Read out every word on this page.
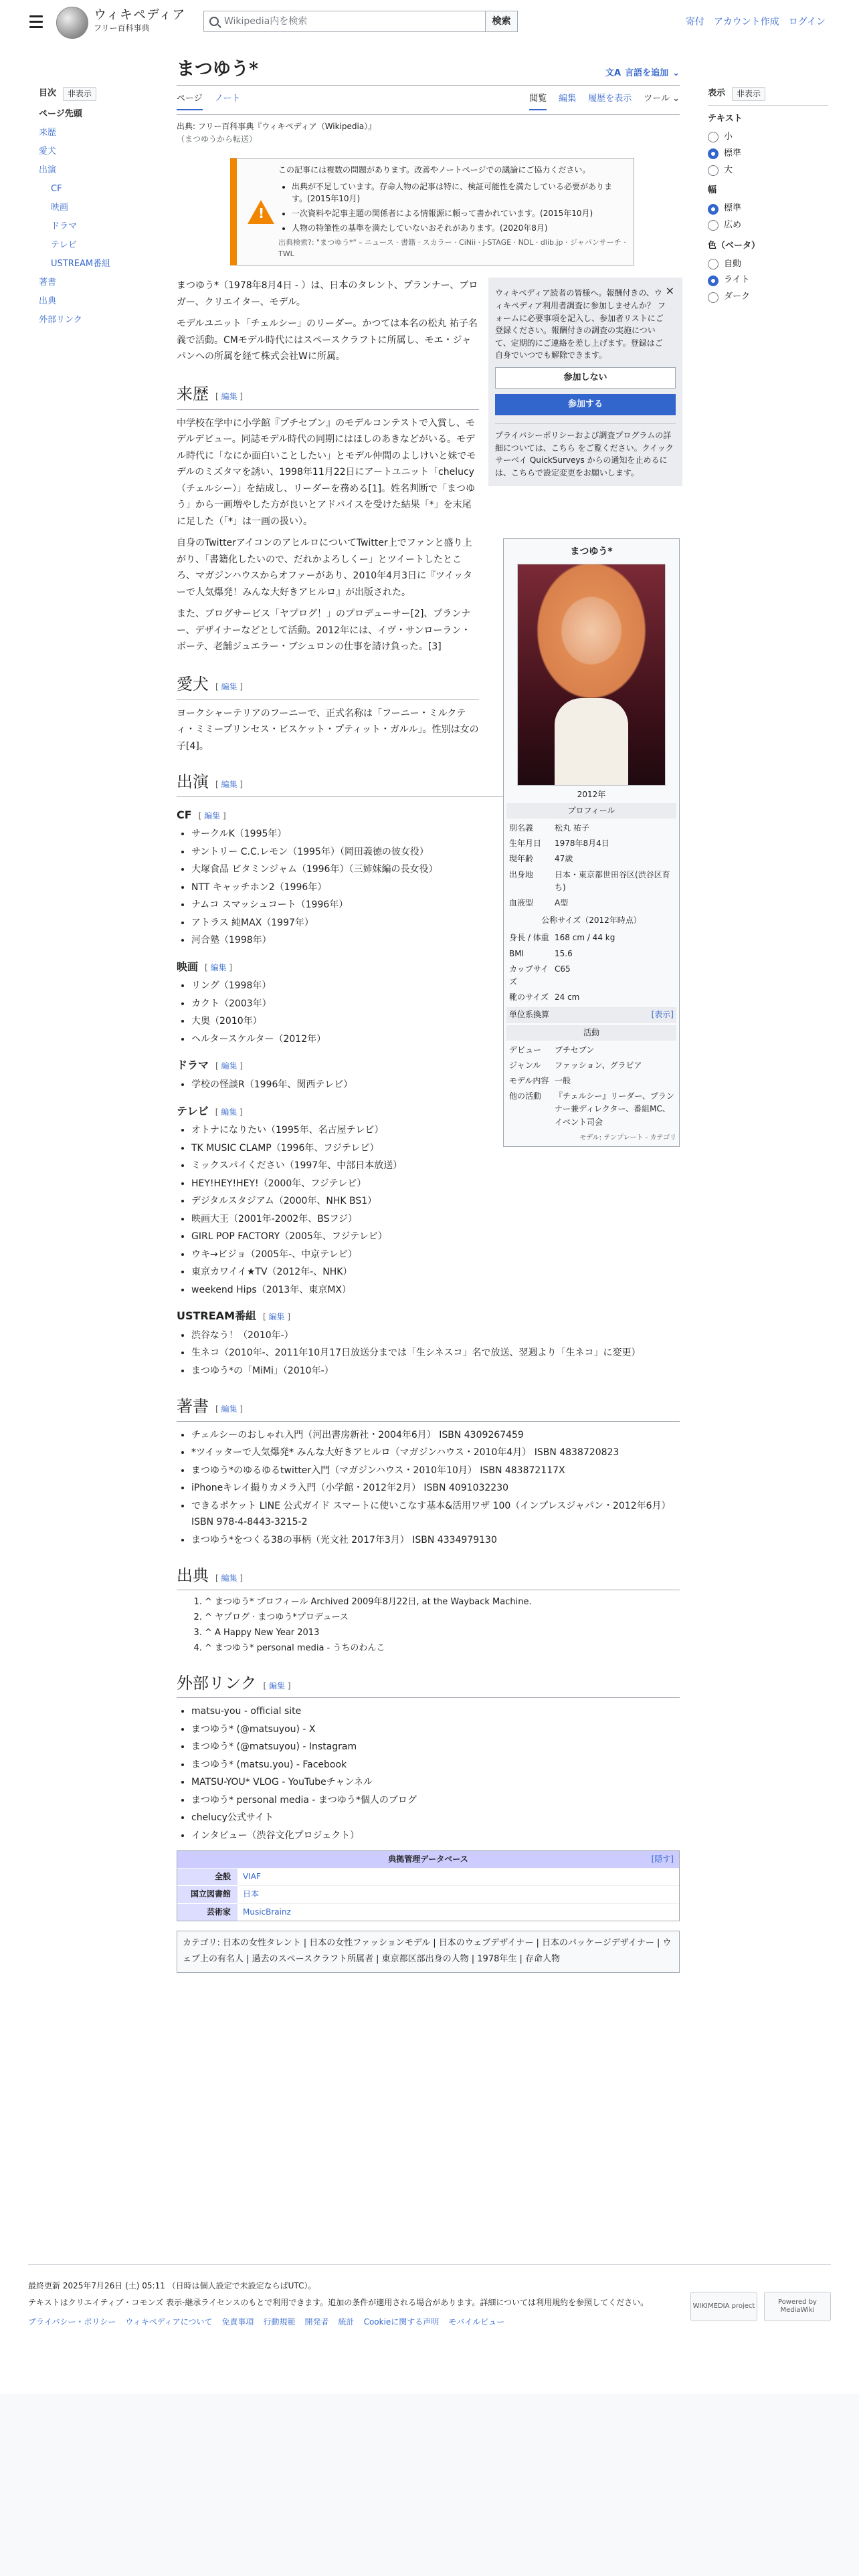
ウィキペディア
フリー百科事典
Wikipedia内を検索	検索	寄付 アカウント作成 ログイン
目次	非表示
ページ先頭
来歴
愛犬
出演
CF
映画
ドラマ
テレビ
USTREAM番組
著書
出典
外部リンク
まつゆう*	文A 言語を追加 ⌄
ページ ノート	閲覧 編集 履歴を表示 ツール ⌄
出典: フリー百科事典『ウィキペディア（Wikipedia）』
（まつゆうから転送）
!
この記事には複数の問題があります。改善やノートページでの議論にご協力ください。
• 出典が不足しています。存命人物の記事は特に、検証可能性を満たしている必要があります。(2015年10月)
• 一次資料や記事主題の関係者による情報源に頼って書かれています。(2015年10月)
• 人物の特筆性の基準を満たしていないおそれがあります。(2020年8月)
出典検索?: "まつゆう*" – ニュース · 書籍 · スカラー · CiNii · J-STAGE · NDL · dlib.jp · ジャパンサーチ · TWL
×
ウィキペディア読者の皆様へ。報酬付きの、ウィキペディア利用者調査に参加しませんか？ フォームに必要事項を記入し、参加者リストにご登録ください。報酬付きの調査の実施について、定期的にご連絡を差し上げます。登録はご自身でいつでも解除できます。
参加しない
参加する
プライバシーポリシーおよび調査プログラムの詳細については、こちら をご覧ください。クイックサーベイ QuickSurveys からの通知を止めるには、こちらで設定変更をお願いします。
まつゆう*
2012年
プロフィール
別名義	松丸 祐子
生年月日	1978年8月4日
現年齢	47歳
出身地	日本・東京都世田谷区(渋谷区育ち)
血液型	A型
公称サイズ（2012年時点）
身長 / 体重	168 cm / 44 kg
BMI	15.6
カップサイズ	C65
靴のサイズ	24 cm
単位系換算	[表示]
活動
デビュー	プチセブン
ジャンル	ファッション、グラビア
モデル内容	一般
他の活動	『チェルシー』リーダー、プランナー兼ディレクター、番組MC、イベント司会
モデル: テンプレート - カテゴリ

まつゆう*（1978年8月4日 - ）は、日本のタレント、プランナー、ブロガー、クリエイター、モデル。

モデルユニット「チェルシー」のリーダー。かつては本名の松丸 祐子名義で活動。CMモデル時代にはスペースクラフトに所属し、モエ・ジャパンへの所属を経て株式会社Wに所属。

来歴 [ 編集 ]

中学校在学中に小学館『プチセブン』のモデルコンテストで入賞し、モデルデビュー。同誌モデル時代の同期にはほしのあきなどがいる。モデル時代に「なにか面白いことしたい」とモデル仲間のよしけいと妹でモデルのミズタマを誘い、1998年11月22日にアートユニット「chelucy（チェルシー）」を結成し、リーダーを務める[1]。姓名判断で「まつゆう」から一画増やした方が良いとアドバイスを受けた結果「*」を末尾に足した（「*」は一画の扱い）。

自身のTwitterアイコンのアヒルロについてTwitter上でファンと盛り上がり、「書籍化したいので、だれかよろしくー」とツイートしたところ、マガジンハウスからオファーがあり、2010年4月3日に『ツイッターで人気爆発！みんな大好きアヒルロ』が出版された。

また、ブログサービス「ヤプログ！」のプロデューサー[2]、プランナー、デザイナーなどとして活動。2012年には、イヴ・サンローラン・ボーテ、老舗ジュエラー・ブシュロンの仕事を請け負った。[3]

愛犬 [ 編集 ]

ヨークシャーテリアのフーニーで、正式名称は「フーニー・ミルクティ・ミミープリンセス・ビスケット・プティット・ガルル」。性別は女の子[4]。

出演 [ 編集 ]
CF [ 編集 ]
• サークルK（1995年）
• サントリー C.C.レモン（1995年）（岡田義徳の彼女役）
• 大塚食品 ビタミンジャム（1996年）（三姉妹編の長女役）
• NTT キャッチホン2（1996年）
• ナムコ スマッシュコート（1996年）
• アトラス 純MAX（1997年）
• 河合塾（1998年）
映画 [ 編集 ]
• リング（1998年）
• カクト（2003年）
• 大奥（2010年）
• ヘルタースケルター（2012年）
ドラマ [ 編集 ]
• 学校の怪談R（1996年、関西テレビ）
テレビ [ 編集 ]
• オトナになりたい（1995年、名古屋テレビ）
• TK MUSIC CLAMP（1996年、フジテレビ）
• ミックスパイください（1997年、中部日本放送）
• HEY!HEY!HEY!（2000年、フジテレビ）
• デジタルスタジアム（2000年、NHK BS1）
• 映画大王（2001年-2002年、BSフジ）
• GIRL POP FACTORY（2005年、フジテレビ）
• ウキ→ビジョ（2005年-、中京テレビ）
• 東京カワイイ★TV（2012年-、NHK）
• weekend Hips（2013年、東京MX）
USTREAM番組 [ 編集 ]
• 渋谷なう！（2010年-）
• 生ネコ（2010年-、2011年10月17日放送分までは「生シネスコ」名で放送、翌週より「生ネコ」に変更）
• まつゆう*の「MiMi」（2010年-）
著書 [ 編集 ]
• チェルシーのおしゃれ入門（河出書房新社・2004年6月） ISBN 4309267459
• *ツイッターで人気爆発* みんな大好きアヒルロ（マガジンハウス・2010年4月） ISBN 4838720823
• まつゆう*のゆるゆるtwitter入門（マガジンハウス・2010年10月） ISBN 483872117X
• iPhoneキレイ撮りカメラ入門（小学館・2012年2月） ISBN 4091032230
• できるポケット LINE 公式ガイド スマートに使いこなす基本&活用ワザ 100（インプレスジャパン・2012年6月） ISBN 978-4-8443-3215-2
• まつゆう*をつくる38の事柄（光文社 2017年3月） ISBN 4334979130
出典 [ 編集 ]
1. ^ まつゆう* プロフィール Archived 2009年8月22日, at the Wayback Machine.
2. ^ ヤプログ · まつゆう*プロデュース
3. ^ A Happy New Year 2013
4. ^ まつゆう* personal media - うちのわんこ
外部リンク [ 編集 ]
• matsu-you - official site
• まつゆう* (@matsuyou) - X
• まつゆう* (@matsuyou) - Instagram
• まつゆう* (matsu.you) - Facebook
• MATSU-YOU* VLOG - YouTubeチャンネル
• まつゆう* personal media - まつゆう*個人のブログ
• chelucy公式サイト
• インタビュー（渋谷文化プロジェクト）
典拠管理データベース	[隠す]
全般	VIAF
国立図書館	日本
芸術家	MusicBrainz
カテゴリ: 日本の女性タレント | 日本の女性ファッションモデル | 日本のウェブデザイナー | 日本のパッケージデザイナー | ウェブ上の有名人 | 過去のスペースクラフト所属者 | 東京都区部出身の人物 | 1978年生 | 存命人物
表示	非表示
テキスト
小
標準
大
幅
標準
広め
色（ベータ）
自動
ライト
ダーク

最終更新 2025年7月26日 (土) 05:11 （日時は個人設定で未設定ならばUTC）。

テキストはクリエイティブ・コモンズ 表示-継承ライセンスのもとで利用できます。追加の条件が適用される場合があります。詳細については利用規約を参照してください。

プライバシー・ポリシー ウィキペディアについて 免責事項 行動規範 開発者 統計 Cookieに関する声明 モバイルビュー
WIKIMEDIA project
Powered by MediaWiki
